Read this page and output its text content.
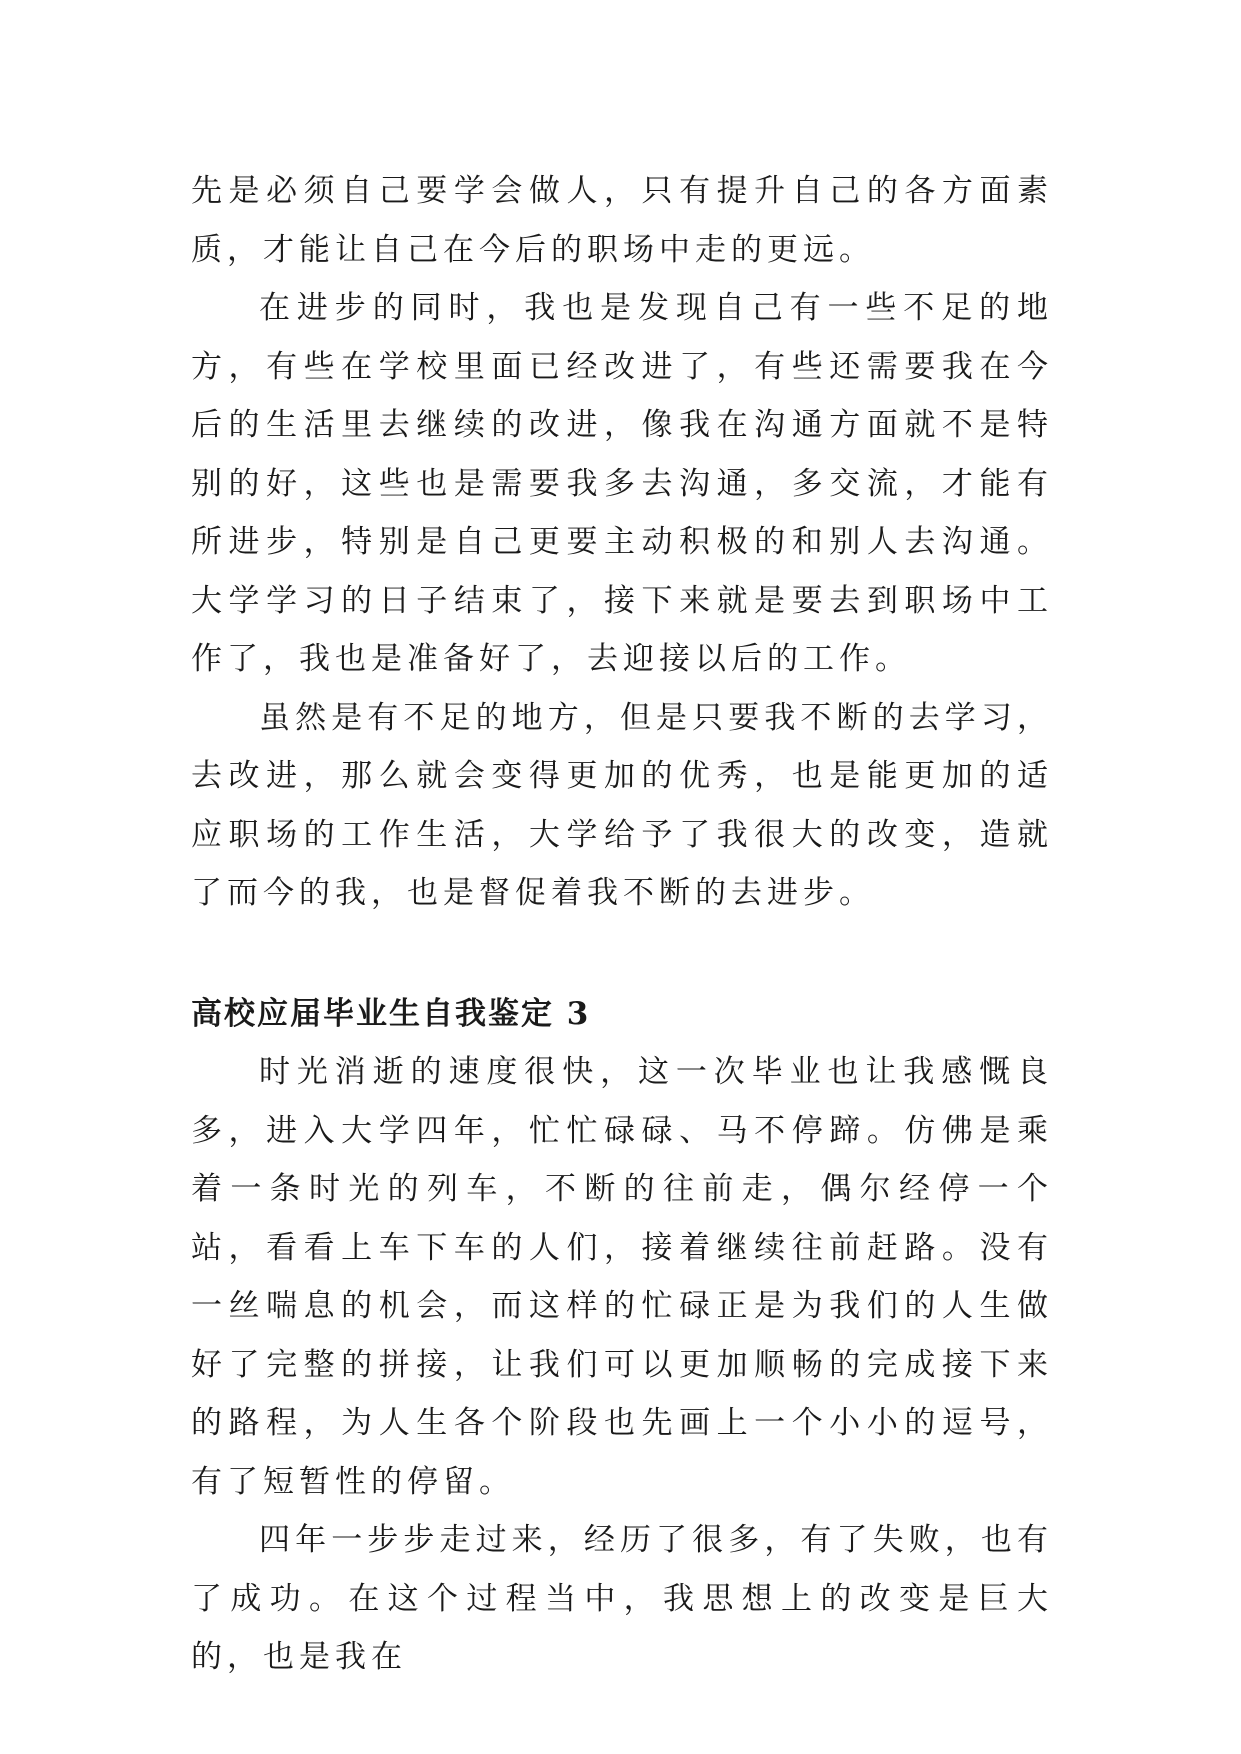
先是必须自己要学会做人，只有提升自己的各方面素质，才能让自己在今后的职场中走的更远。

在进步的同时，我也是发现自己有一些不足的地方，有些在学校里面已经改进了，有些还需要我在今后的生活里去继续的改进，像我在沟通方面就不是特别的好，这些也是需要我多去沟通，多交流，才能有所进步，特别是自己更要主动积极的和别人去沟通。大学学习的日子结束了，接下来就是要去到职场中工作了，我也是准备好了，去迎接以后的工作。

虽然是有不足的地方，但是只要我不断的去学习，去改进，那么就会变得更加的优秀，也是能更加的适应职场的工作生活，大学给予了我很大的改变，造就了而今的我，也是督促着我不断的去进步。

高校应届毕业生自我鉴定 3

时光消逝的速度很快，这一次毕业也让我感慨良多，进入大学四年，忙忙碌碌、马不停蹄。仿佛是乘着一条时光的列车，不断的往前走，偶尔经停一个站，看看上车下车的人们，接着继续往前赶路。没有一丝喘息的机会，而这样的忙碌正是为我们的人生做好了完整的拼接，让我们可以更加顺畅的完成接下来的路程，为人生各个阶段也先画上一个小小的逗号，有了短暂性的停留。

四年一步步走过来，经历了很多，有了失败，也有了成功。在这个过程当中，我思想上的改变是巨大的，也是我在
